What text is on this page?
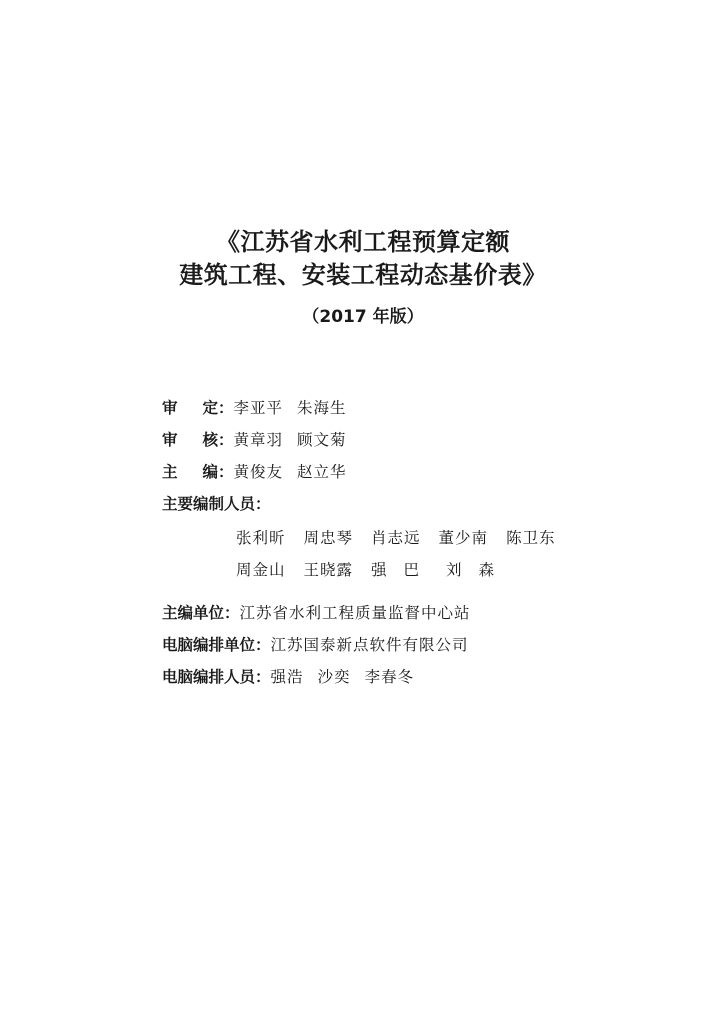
《江苏省水利工程预算定额
建筑工程、安装工程动态基价表》
（2017 年版）
审 定 ：李亚平 朱海生
审 核 ：黄章羽 顾文菊
主 编 ：黄俊友 赵立华
主要编制人员：
张利昕 周忠琴 肖志远 董少南 陈卫东
周金山 王晓露 强巴 刘森
主编单位：江苏省水利工程质量监督中心站
电脑编排单位：江苏国泰新点软件有限公司
电脑编排人员：强浩 沙奕 李春冬
